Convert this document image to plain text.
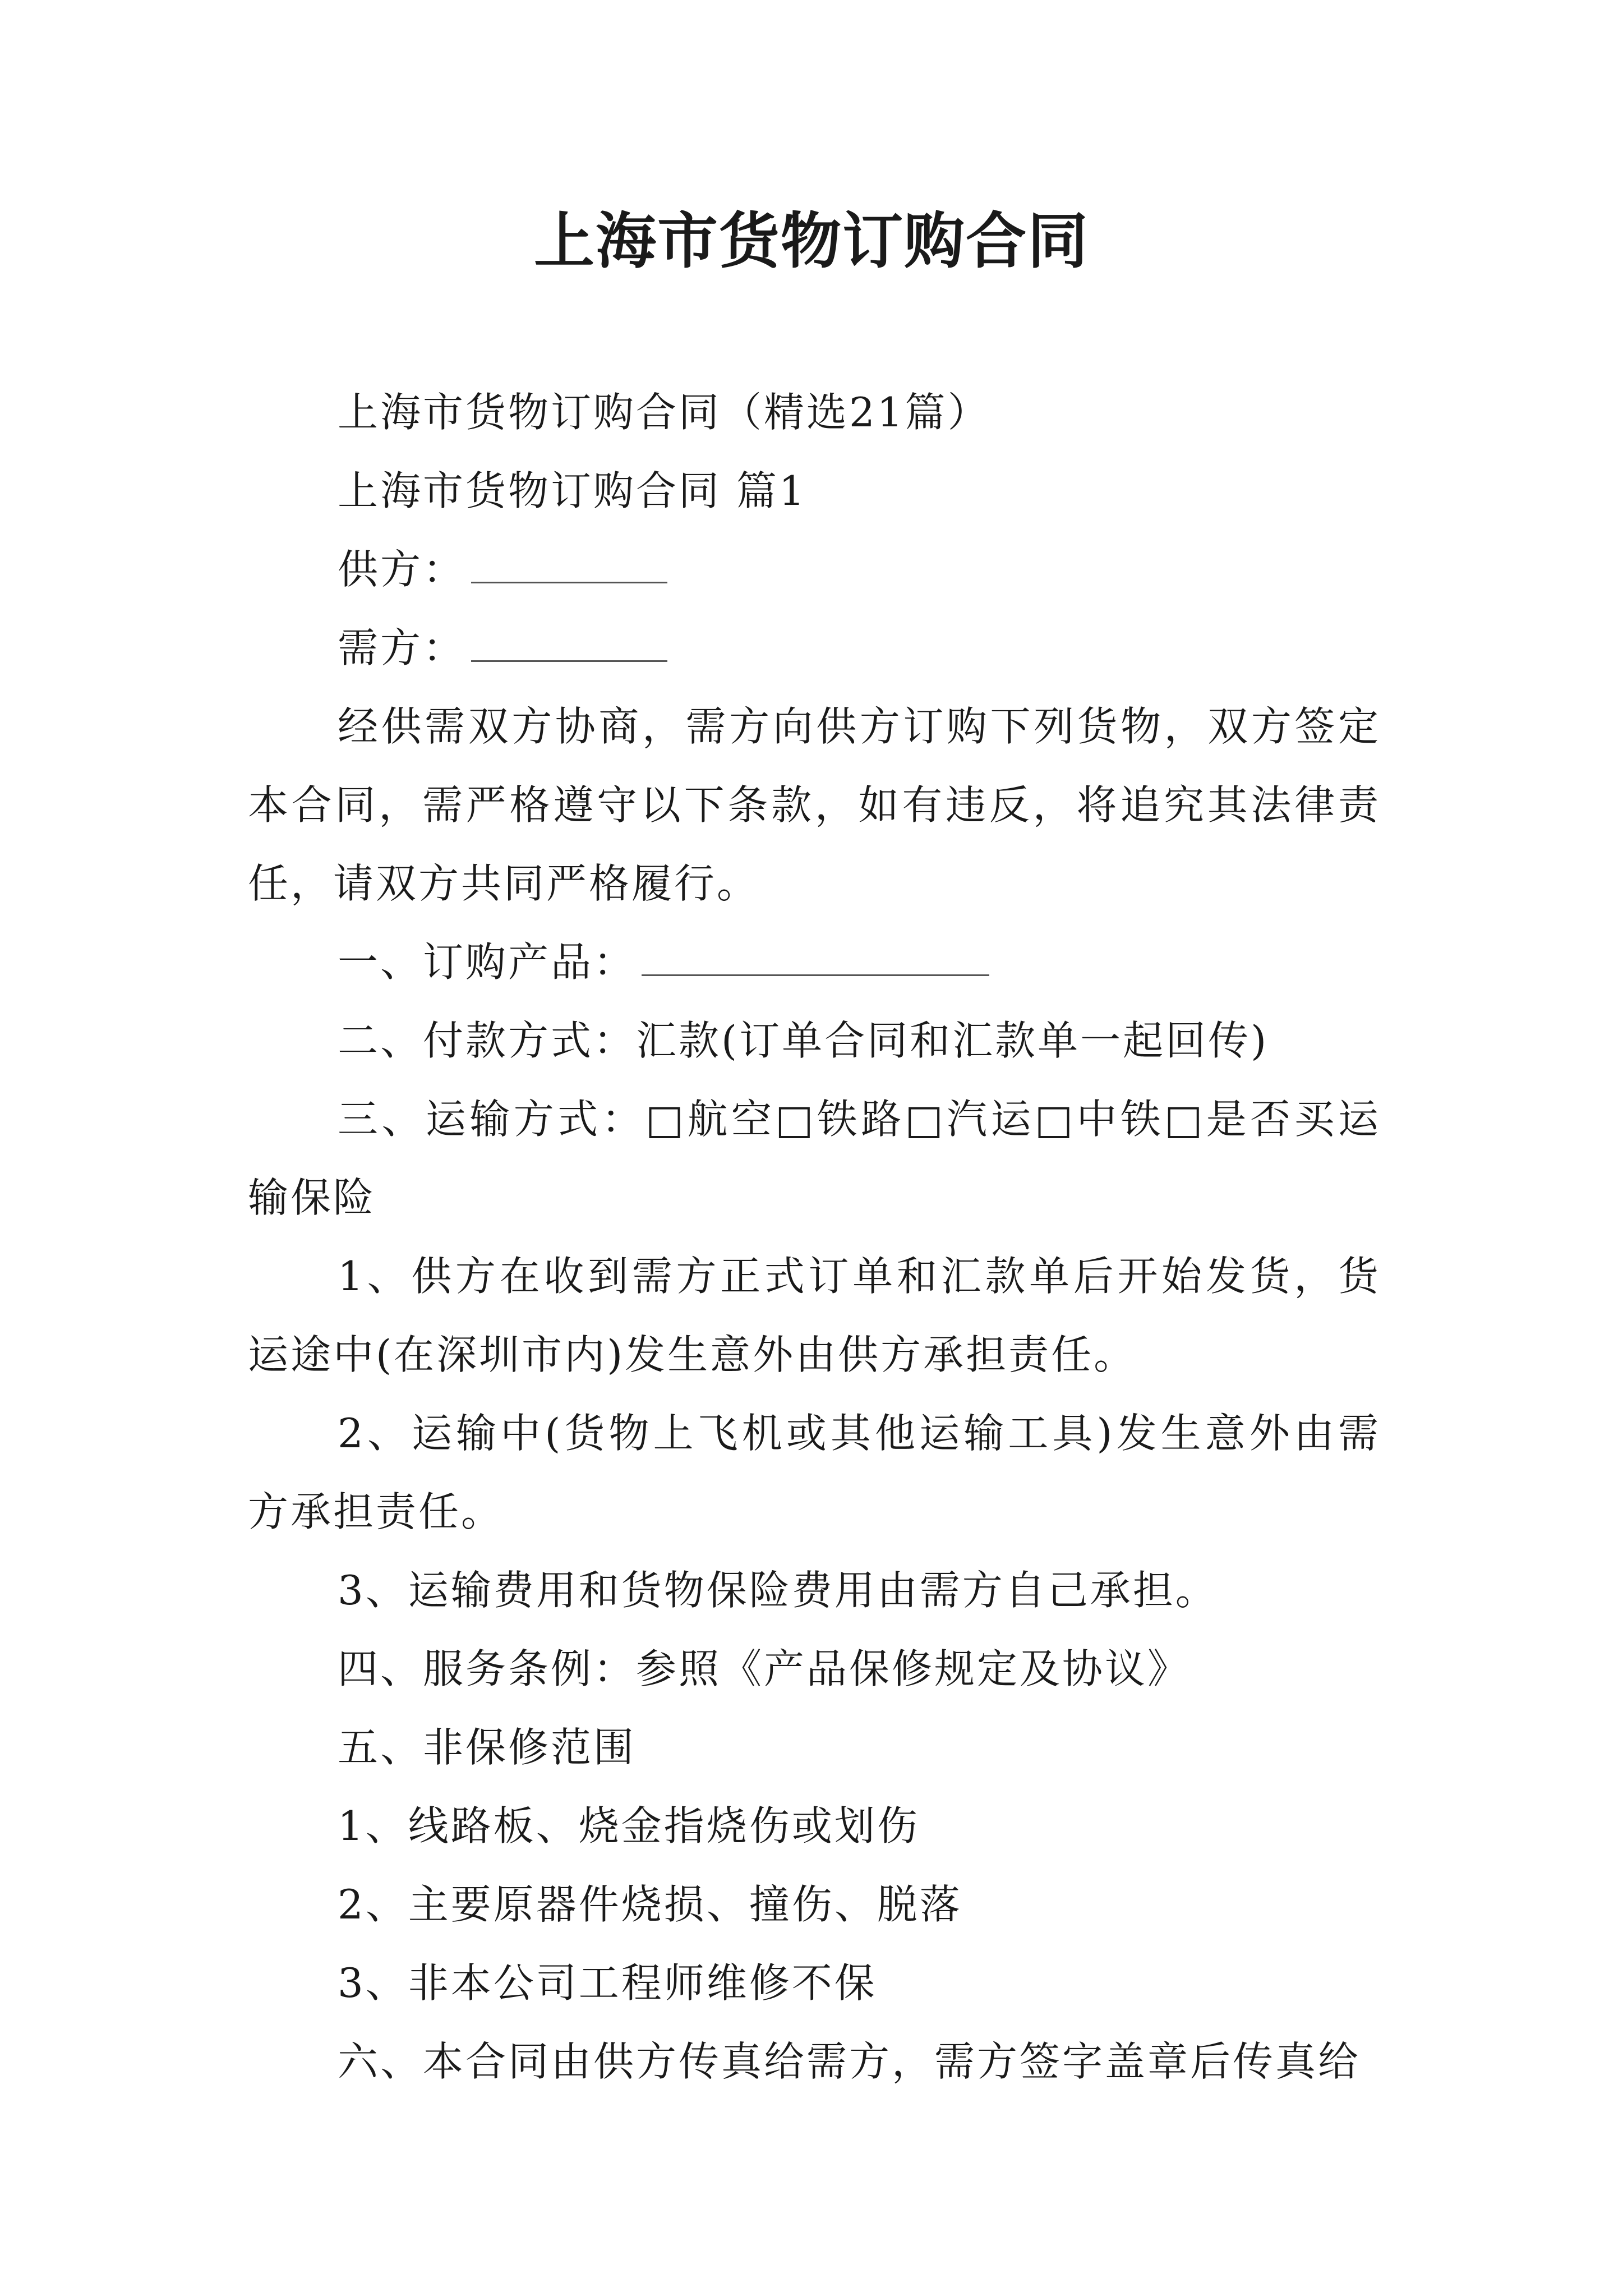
上海市货物订购合同

上海市货物订购合同（精选21篇）

上海市货物订购合同 篇1

供方：

需方：

经供需双方协商，需方向供方订购下列货物，双方签定本合同，需严格遵守以下条款，如有违反，将追究其法律责任，请双方共同严格履行。

一、订购产品：

二、付款方式：汇款(订单合同和汇款单一起回传)

三、运输方式：□航空□铁路□汽运□中铁□是否买运输保险

1、供方在收到需方正式订单和汇款单后开始发货，货运途中(在深圳市内)发生意外由供方承担责任。

2、运输中(货物上飞机或其他运输工具)发生意外由需方承担责任。

3、运输费用和货物保险费用由需方自己承担。

四、服务条例：参照《产品保修规定及协议》

五、非保修范围

1、线路板、烧金指烧伤或划伤

2、主要原器件烧损、撞伤、脱落

3、非本公司工程师维修不保

六、本合同由供方传真给需方，需方签字盖章后传真给
